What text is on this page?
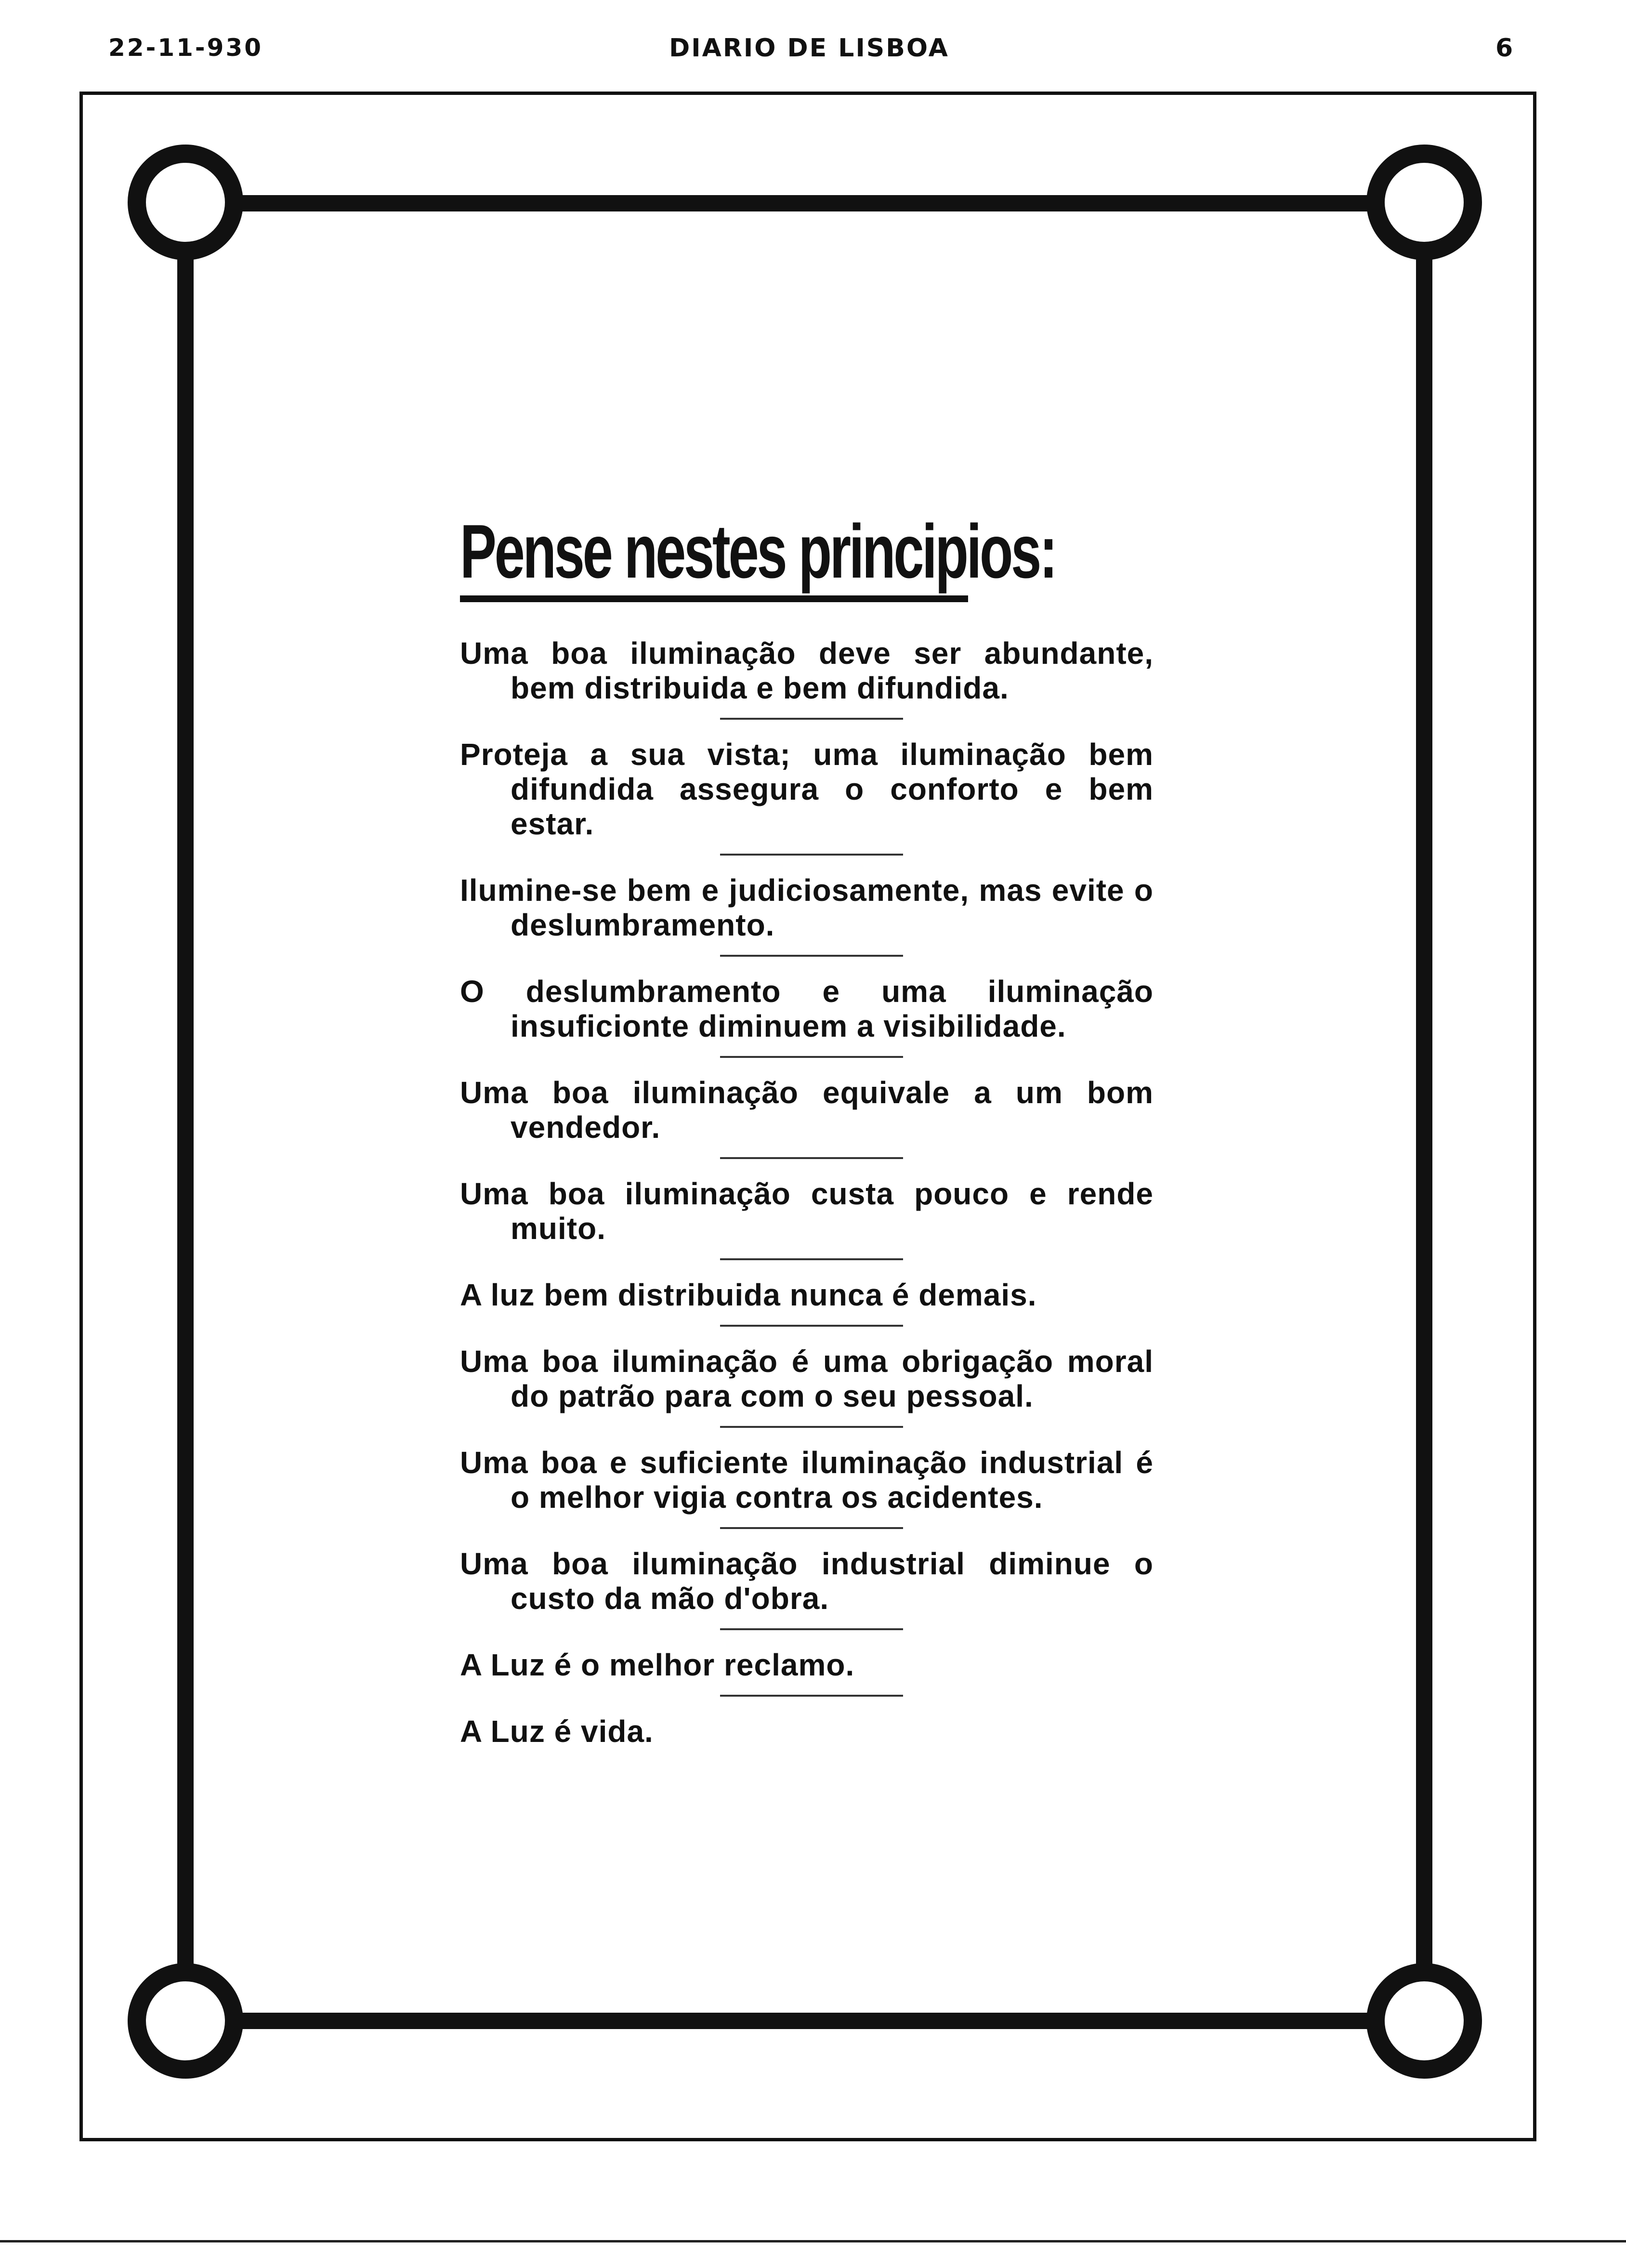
22-11-930	DIARIO DE LISBOA	6
Pense nestes principios:
Uma boa iluminação deve ser abundante, bem distribuida e bem difundida.
Proteja a sua vista; uma iluminação bem difundida assegura o conforto e bem estar.
Ilumine-se bem e judiciosamente, mas evite o deslumbramento.
O deslumbramento e uma iluminação insuficionte diminuem a visibilidade.
Uma boa iluminação equivale a um bom vendedor.
Uma boa iluminação custa pouco e rende muito.
A luz bem distribuida nunca é demais.
Uma boa iluminação é uma obrigação moral do patrão para com o seu pessoal.
Uma boa e suficiente iluminação industrial é o melhor vigia contra os acidentes.
Uma boa iluminação industrial diminue o custo da mão d'obra.
A Luz é o melhor reclamo.
A Luz é vida.
